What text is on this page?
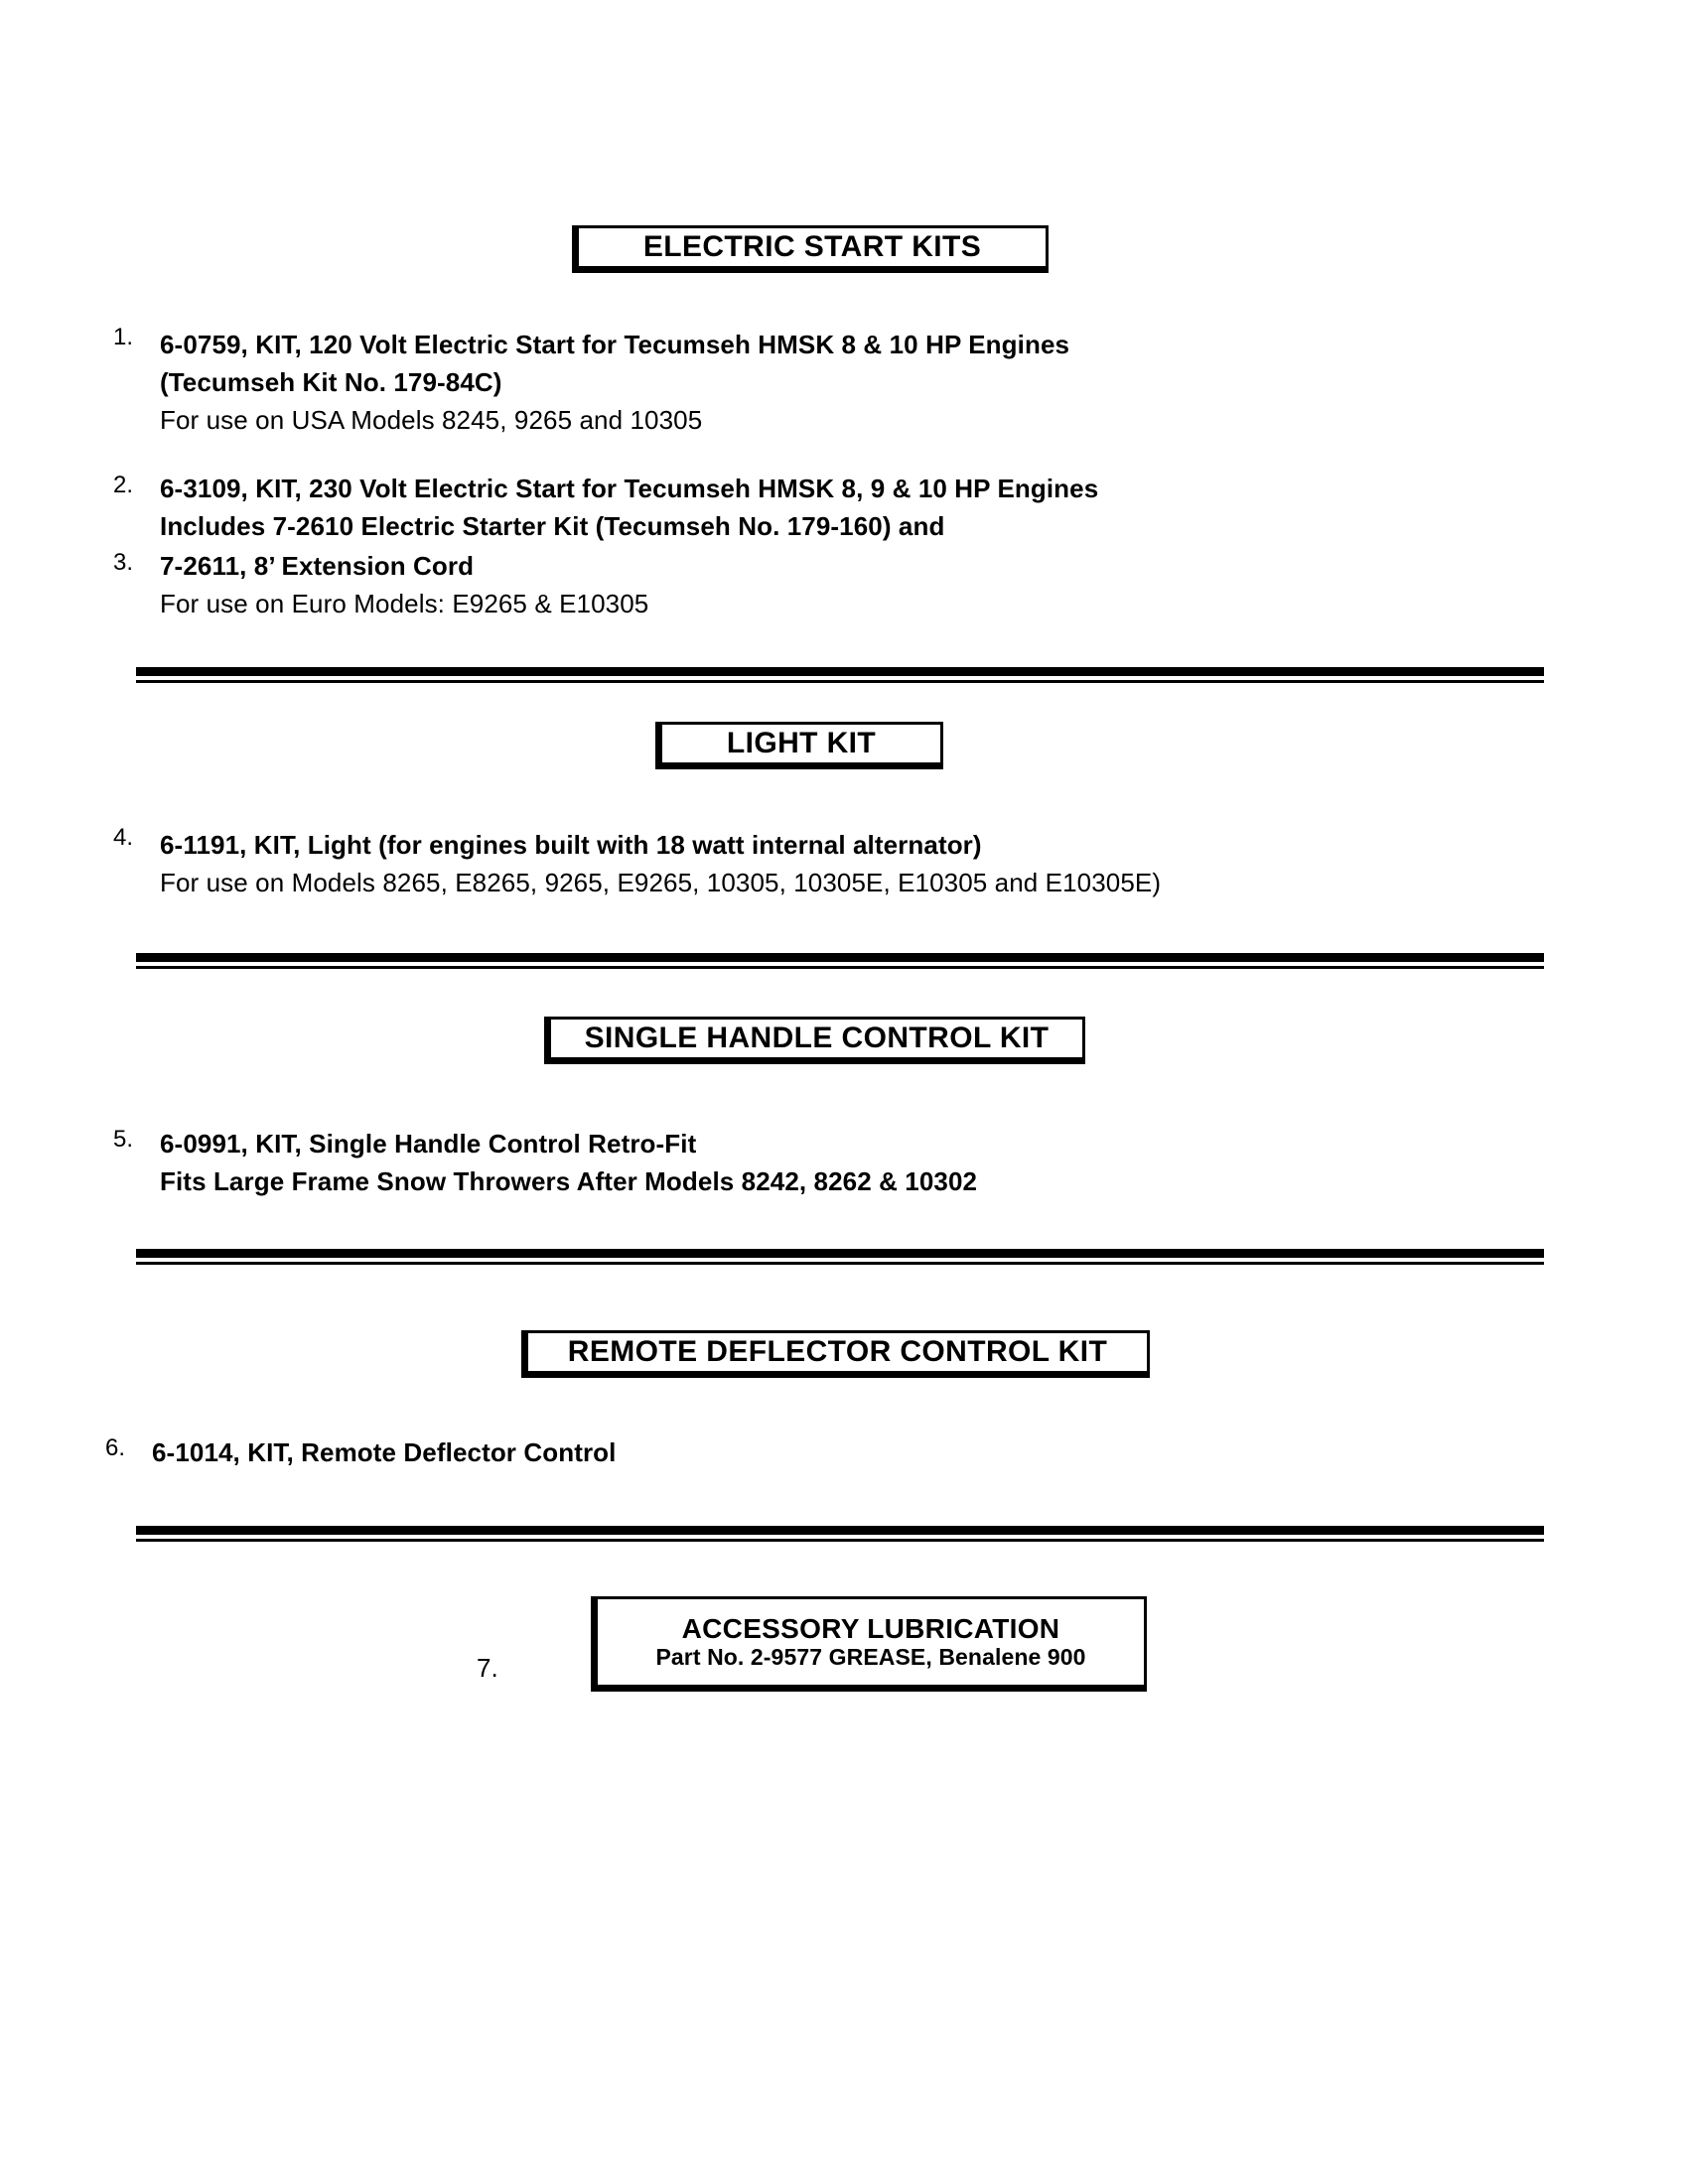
ELECTRIC START KITS
1. 6-0759, KIT, 120 Volt Electric Start for Tecumseh HMSK 8 & 10 HP Engines
(Tecumseh Kit No. 179-84C)
For use on USA Models 8245, 9265 and 10305
2. 6-3109, KIT, 230 Volt Electric Start for Tecumseh HMSK 8, 9 & 10 HP Engines
Includes 7-2610 Electric Starter Kit (Tecumseh No. 179-160) and
3. 7-2611, 8’ Extension Cord
For use on Euro Models: E9265 & E10305
LIGHT KIT
4. 6-1191, KIT, Light (for engines built with 18 watt internal alternator)
For use on Models 8265, E8265, 9265, E9265, 10305, 10305E, E10305 and E10305E)
SINGLE HANDLE CONTROL KIT
5. 6-0991, KIT, Single Handle Control Retro-Fit
Fits Large Frame Snow Throwers After Models 8242, 8262 & 10302
REMOTE DEFLECTOR CONTROL KIT
6. 6-1014, KIT, Remote Deflector Control
7.
ACCESSORY LUBRICATION
Part No. 2-9577 GREASE, Benalene 900
